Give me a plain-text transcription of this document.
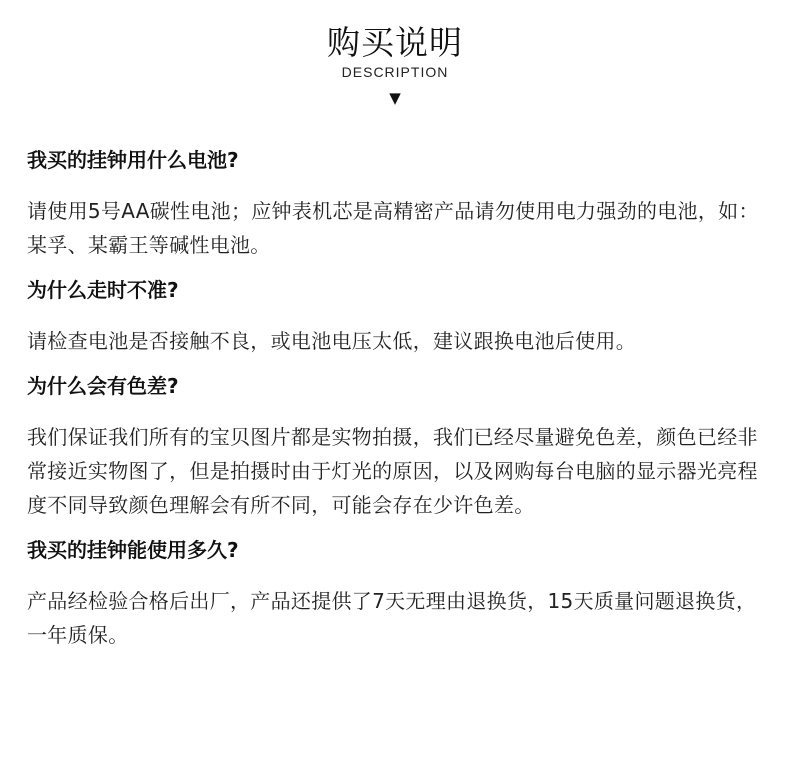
购买说明
DESCRIPTION
▼
我买的挂钟用什么电池?
请使用5号AA碳性电池；应钟表机芯是高精密产品请勿使用电力强劲的电池，如：某孚、某霸王等碱性电池。
为什么走时不准?
请检查电池是否接触不良，或电池电压太低，建议跟换电池后使用。
为什么会有色差?
我们保证我们所有的宝贝图片都是实物拍摄，我们已经尽量避免色差，颜色已经非常接近实物图了，但是拍摄时由于灯光的原因，以及网购每台电脑的显示器光亮程度不同导致颜色理解会有所不同，可能会存在少许色差。
我买的挂钟能使用多久?
产品经检验合格后出厂，产品还提供了7天无理由退换货，15天质量问题退换货，一年质保。
